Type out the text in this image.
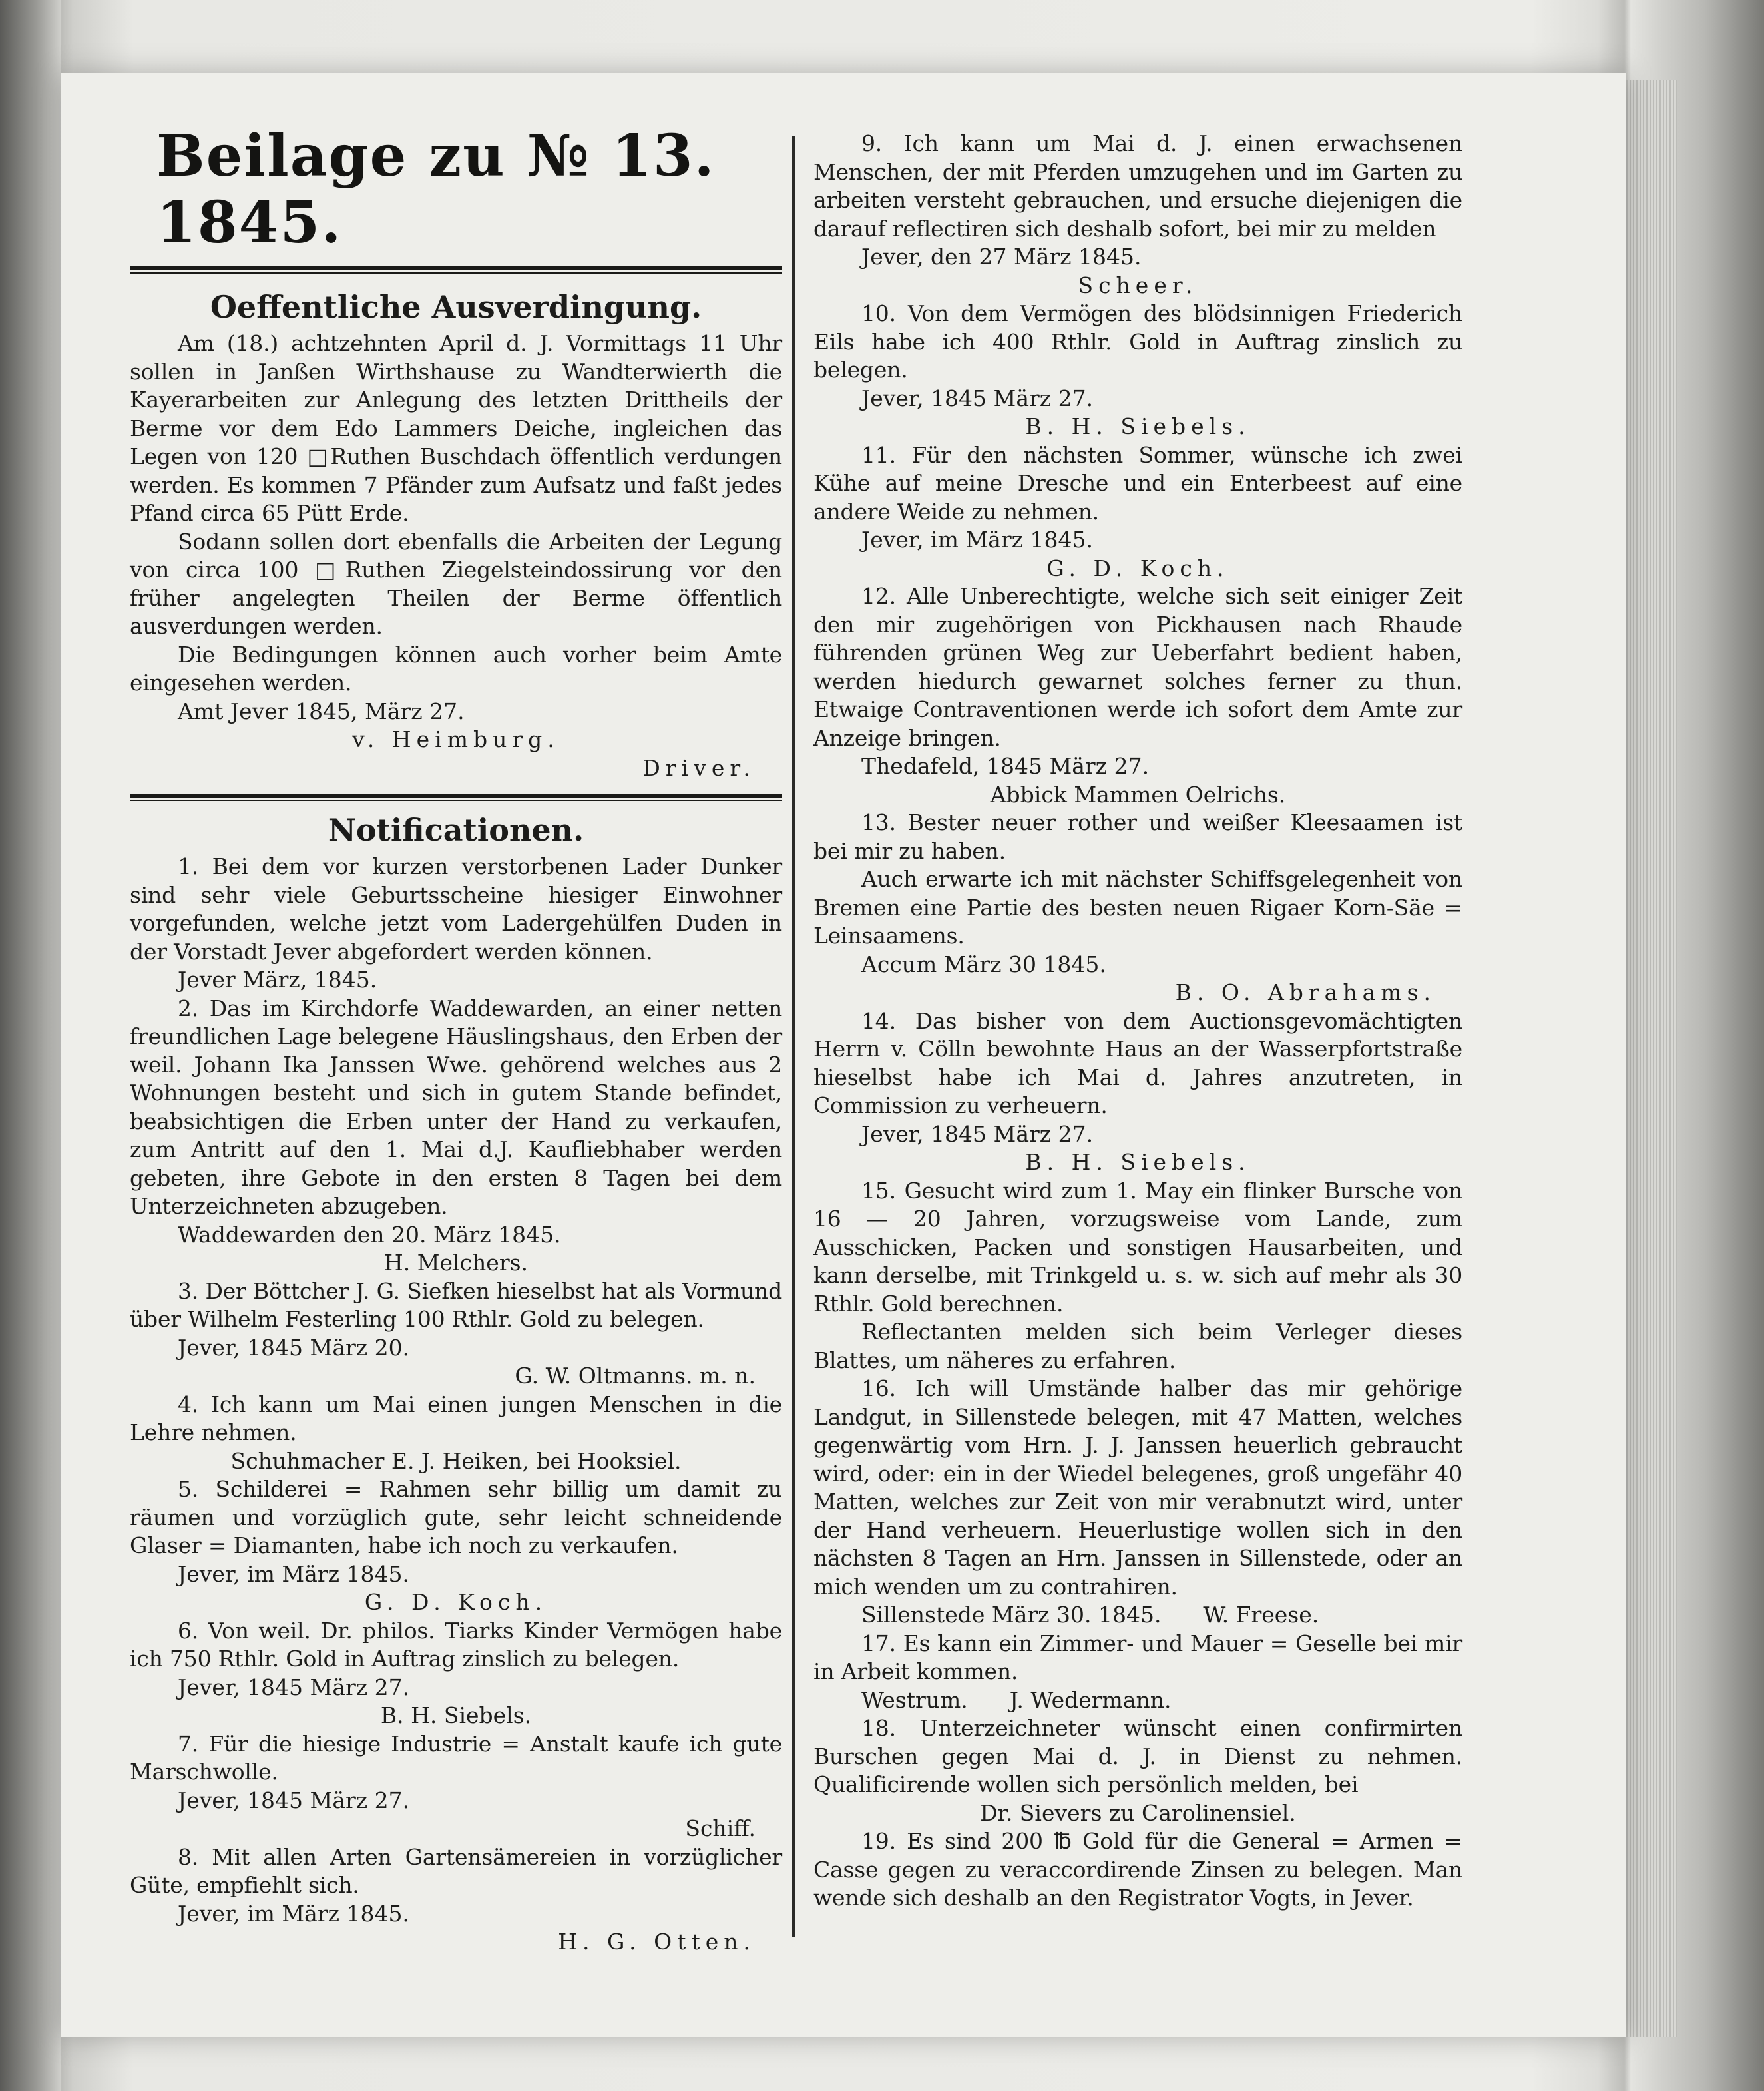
Beilage zu № 13. 1845.
Oeffentliche Ausverdingung.

Am (18.) achtzehnten April d. J. Vormittags 11 Uhr sollen in Janßen Wirthshause zu Wandterwierth die Kayerarbeiten zur Anlegung des letzten Drittheils der Berme vor dem Edo Lammers Deiche, ingleichen das Legen von 120 □Ruthen Buschdach öffentlich verdungen werden. Es kommen 7 Pfänder zum Aufsatz und faßt jedes Pfand circa 65 Pütt Erde.

Sodann sollen dort ebenfalls die Arbeiten der Legung von circa 100 □Ruthen Ziegelsteindossirung vor den früher angelegten Theilen der Berme öffentlich ausverdungen werden.

Die Bedingungen können auch vorher beim Amte eingesehen werden.

Amt Jever 1845, März 27.
v. Heimburg.
Driver.
Notificationen.

1. Bei dem vor kurzen verstorbenen Lader Dunker sind sehr viele Geburtsscheine hiesiger Einwohner vorgefunden, welche jetzt vom Ladergehülfen Duden in der Vorstadt Jever abgefordert werden können.

Jever März, 1845.

2. Das im Kirchdorfe Waddewarden, an einer netten freundlichen Lage belegene Häuslingshaus, den Erben der weil. Johann Ika Janssen Wwe. gehörend welches aus 2 Wohnungen besteht und sich in gutem Stande befindet, beabsichtigen die Erben unter der Hand zu verkaufen, zum Antritt auf den 1. Mai d.J. Kaufliebhaber werden gebeten, ihre Gebote in den ersten 8 Tagen bei dem Unterzeichneten abzugeben.

Waddewarden den 20. März 1845.
H. Melchers.

3. Der Böttcher J. G. Siefken hieselbst hat als Vormund über Wilhelm Festerling 100 Rthlr. Gold zu belegen.

Jever, 1845 März 20.
G. W. Oltmanns. m. n.

4. Ich kann um Mai einen jungen Menschen in die Lehre nehmen.

Schuhmacher E. J. Heiken, bei Hooksiel.

5. Schilderei = Rahmen sehr billig um damit zu räumen und vorzüglich gute, sehr leicht schneidende Glaser = Diamanten, habe ich noch zu verkaufen.

Jever, im März 1845.
G. D. Koch.

6. Von weil. Dr. philos. Tiarks Kinder Vermögen habe ich 750 Rthlr. Gold in Auftrag zinslich zu belegen.

Jever, 1845 März 27.
B. H. Siebels.

7. Für die hiesige Industrie = Anstalt kaufe ich gute Marschwolle.

Jever, 1845 März 27.
Schiff.

8. Mit allen Arten Gartensämereien in vorzüglicher Güte, empfiehlt sich.

Jever, im März 1845.
H. G. Otten.

9. Ich kann um Mai d. J. einen erwachsenen Menschen, der mit Pferden umzugehen und im Garten zu arbeiten versteht gebrauchen, und ersuche diejenigen die darauf reflectiren sich deshalb sofort, bei mir zu melden

Jever, den 27 März 1845.
Scheer.

10. Von dem Vermögen des blödsinnigen Friederich Eils habe ich 400 Rthlr. Gold in Auftrag zinslich zu belegen.

Jever, 1845 März 27.
B. H. Siebels.

11. Für den nächsten Sommer, wünsche ich zwei Kühe auf meine Dresche und ein Enterbeest auf eine andere Weide zu nehmen.

Jever, im März 1845.
G. D. Koch.

12. Alle Unberechtigte, welche sich seit einiger Zeit den mir zugehörigen von Pickhausen nach Rhaude führenden grünen Weg zur Ueberfahrt bedient haben, werden hiedurch gewarnet solches ferner zu thun. Etwaige Contraventionen werde ich sofort dem Amte zur Anzeige bringen.

Thedafeld, 1845 März 27.
Abbick Mammen Oelrichs.

13. Bester neuer rother und weißer Kleesaamen ist bei mir zu haben.

Auch erwarte ich mit nächster Schiffsgelegenheit von Bremen eine Partie des besten neuen Rigaer Korn-Säe = Leinsaamens.

Accum März 30 1845.
B. O. Abrahams.

14. Das bisher von dem Auctionsgevomächtigten Herrn v. Cölln bewohnte Haus an der Wasserpfortstraße hieselbst habe ich Mai d. Jahres anzutreten, in Commission zu verheuern.

Jever, 1845 März 27.
B. H. Siebels.

15. Gesucht wird zum 1. May ein flinker Bursche von 16 — 20 Jahren, vorzugsweise vom Lande, zum Ausschicken, Packen und sonstigen Hausarbeiten, und kann derselbe, mit Trinkgeld u. s. w. sich auf mehr als 30 Rthlr. Gold berechnen.

Reflectanten melden sich beim Verleger dieses Blattes, um näheres zu erfahren.

16. Ich will Umstände halber das mir gehörige Landgut, in Sillenstede belegen, mit 47 Matten, welches gegenwärtig vom Hrn. J. J. Janssen heuerlich gebraucht wird, oder: ein in der Wiedel belegenes, groß ungefähr 40 Matten, welches zur Zeit von mir verabnutzt wird, unter der Hand verheuern. Heuerlustige wollen sich in den nächsten 8 Tagen an Hrn. Janssen in Sillenstede, oder an mich wenden um zu contrahiren.

Sillenstede März 30. 1845.      W. Freese.

17. Es kann ein Zimmer- und Mauer = Geselle bei mir in Arbeit kommen.

Westrum.      J. Wedermann.

18. Unterzeichneter wünscht einen confirmirten Burschen gegen Mai d. J. in Dienst zu nehmen. Qualificirende wollen sich persönlich melden, bei

Dr. Sievers zu Carolinensiel.

19. Es sind 200 ℔ Gold für die General = Armen = Casse gegen zu veraccordirende Zinsen zu belegen. Man wende sich deshalb an den Registrator Vogts, in Jever.
